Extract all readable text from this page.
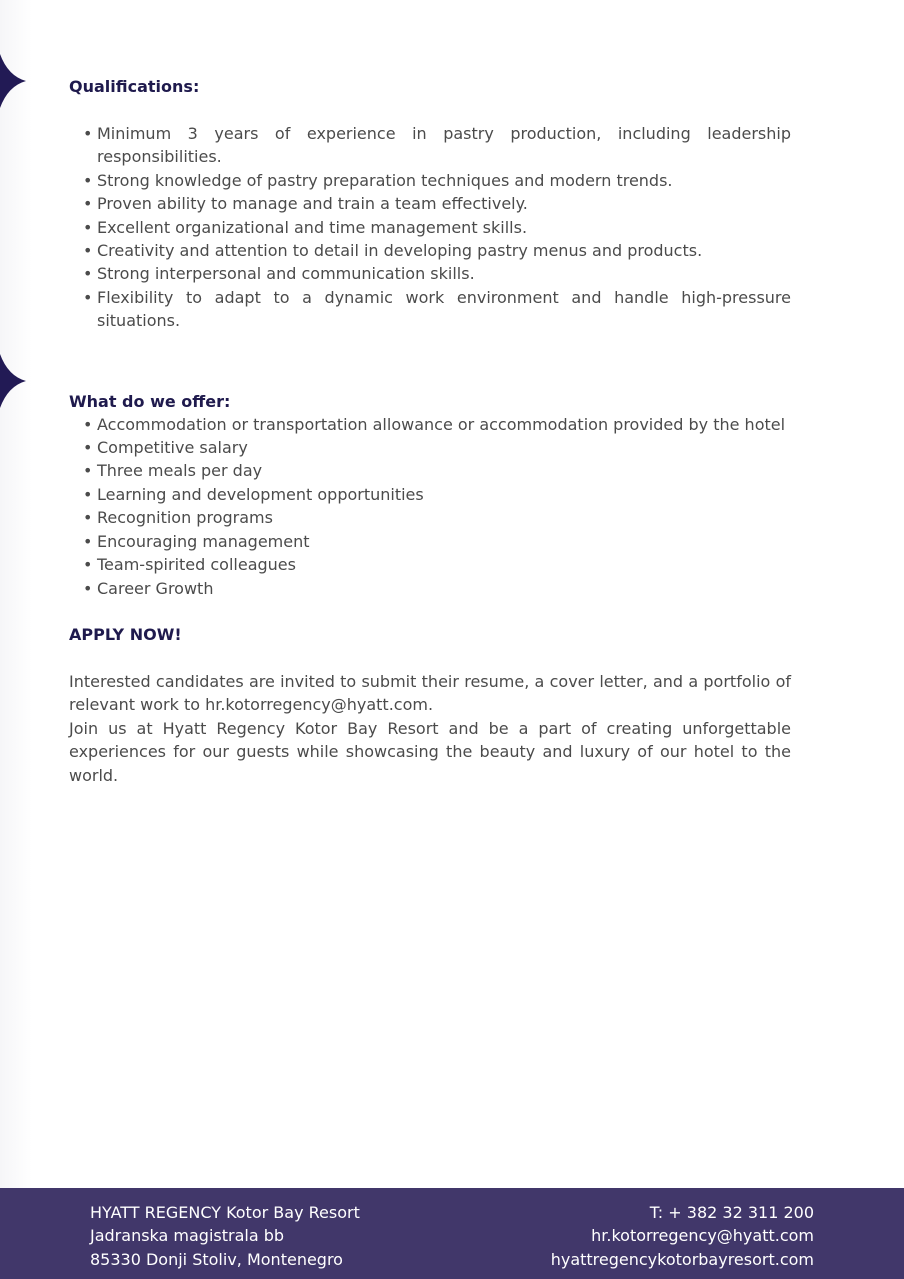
Qualifications:
• Minimum 3 years of experience in pastry production, including leadership responsibilities.
• Strong knowledge of pastry preparation techniques and modern trends.
• Proven ability to manage and train a team effectively.
• Excellent organizational and time management skills.
• Creativity and attention to detail in developing pastry menus and products.
• Strong interpersonal and communication skills.
• Flexibility to adapt to a dynamic work environment and handle high-pressure situations.
What do we offer:
• Accommodation or transportation allowance or accommodation provided by the hotel
• Competitive salary
• Three meals per day
• Learning and development opportunities
• Recognition programs
• Encouraging management
• Team-spirited colleagues
• Career Growth
APPLY NOW!

Interested candidates are invited to submit their resume, a cover letter, and a portfolio of relevant work to hr.kotorregency@hyatt.com.

Join us at Hyatt Regency Kotor Bay Resort and be a part of creating unforgettable experiences for our guests while showcasing the beauty and luxury of our hotel to the world.

HYATT REGENCY Kotor Bay Resort
Jadranska magistrala bb
85330 Donji Stoliv, Montenegro
T: + 382 32 311 200
hr.kotorregency@hyatt.com
hyattregencykotorbayresort.com
